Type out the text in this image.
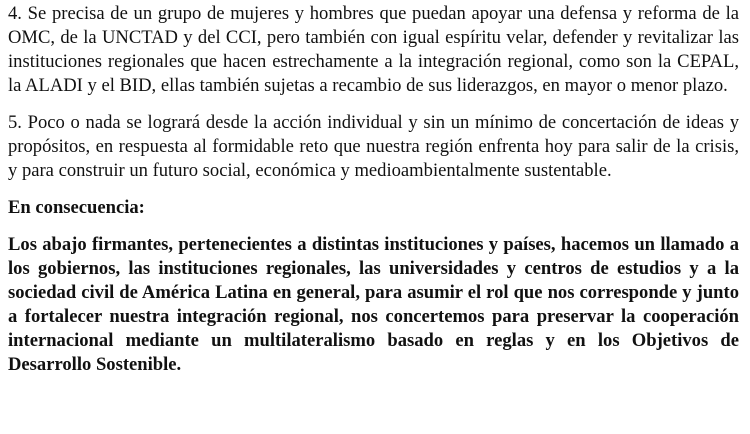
4. Se precisa de un grupo de mujeres y hombres que puedan apoyar una defensa y reforma de la OMC, de la UNCTAD y del CCI, pero también con igual espíritu velar, defender y revitalizar las instituciones regionales que hacen estrechamente a la integración regional, como son la CEPAL, la ALADI y el BID, ellas también sujetas a recambio de sus liderazgos, en mayor o menor plazo.

5. Poco o nada se logrará desde la acción individual y sin un mínimo de concertación de ideas y propósitos, en respuesta al formidable reto que nuestra región enfrenta hoy para salir de la crisis, y para construir un futuro social, económica y medioambientalmente sustentable.

En consecuencia:

Los abajo firmantes, pertenecientes a distintas instituciones y países, hacemos un llamado a los gobiernos, las instituciones regionales, las universidades y centros de estudios y a la sociedad civil de América Latina en general, para asumir el rol que nos corresponde y junto a fortalecer nuestra integración regional, nos concertemos para preservar la cooperación internacional mediante un multilateralismo basado en reglas y en los Objetivos de Desarrollo Sostenible.
